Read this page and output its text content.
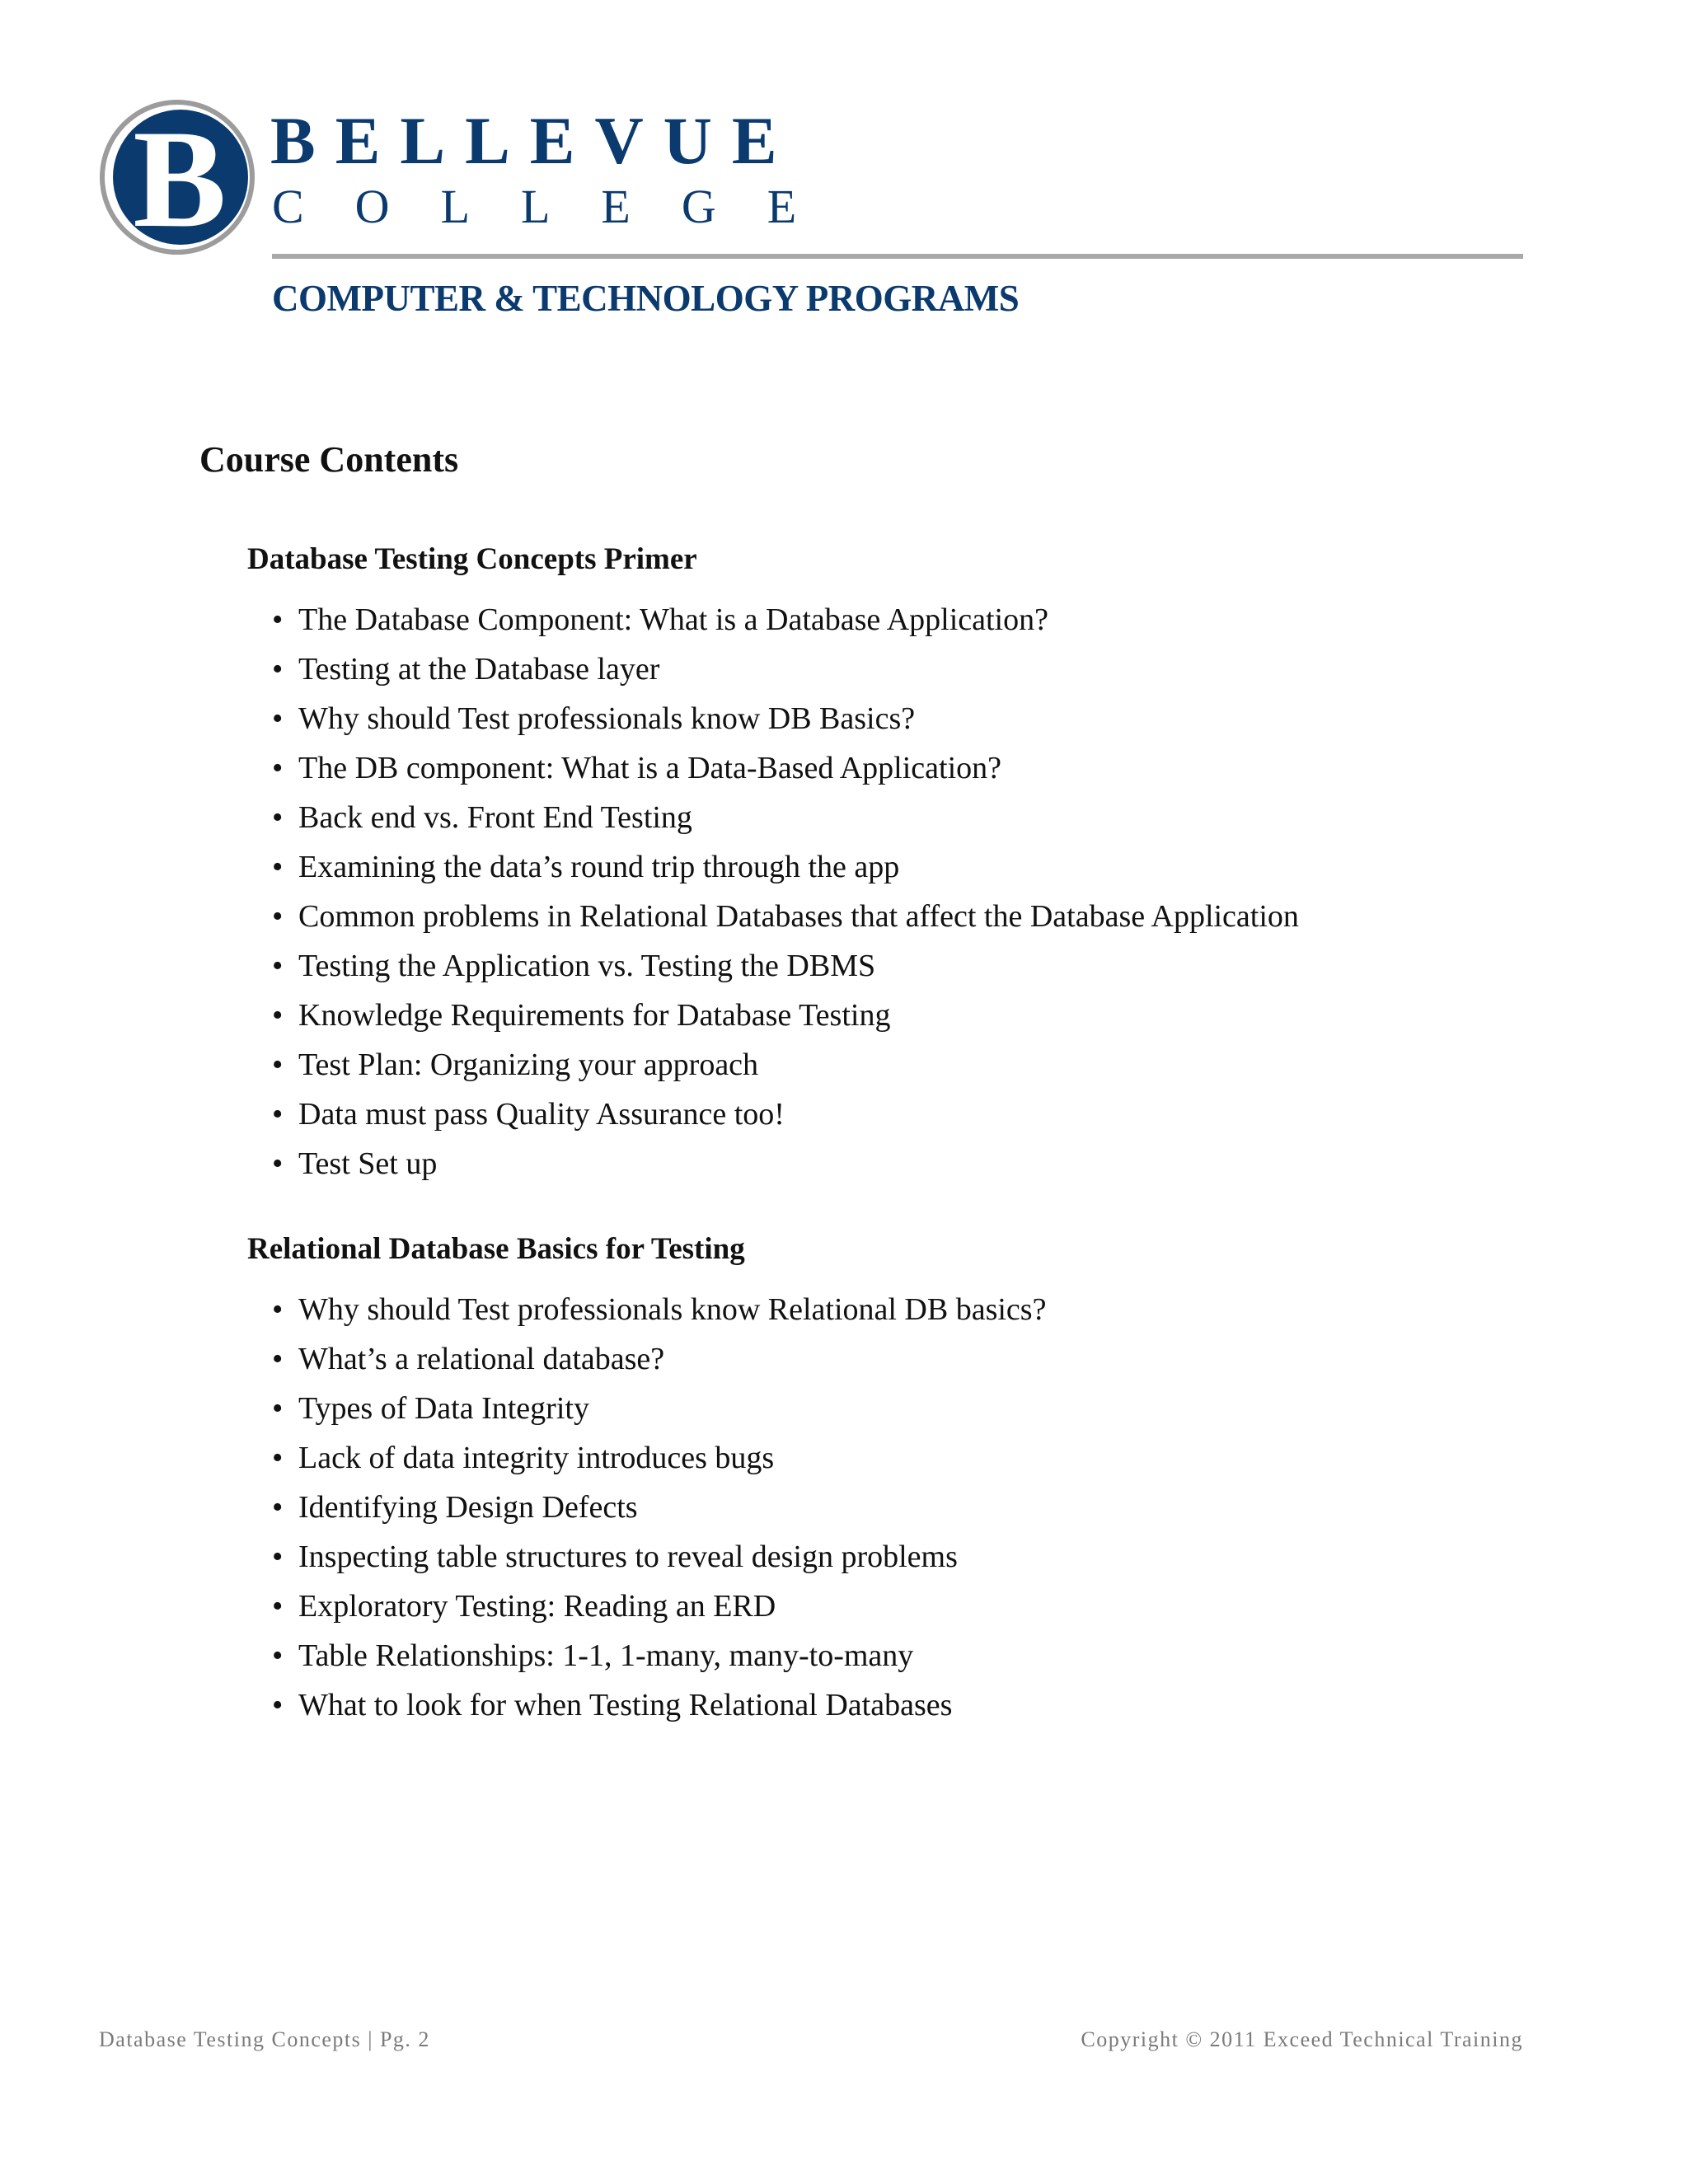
B BELLEVUE
COLLEGE
COMPUTER & TECHNOLOGY PROGRAMS
Course Contents
Database Testing Concepts Primer
• The Database Component: What is a Database Application?
• Testing at the Database layer
• Why should Test professionals know DB Basics?
• The DB component: What is a Data-Based Application?
• Back end vs. Front End Testing
• Examining the data’s round trip through the app
• Common problems in Relational Databases that affect the Database Application
• Testing the Application vs. Testing the DBMS
• Knowledge Requirements for Database Testing
• Test Plan: Organizing your approach
• Data must pass Quality Assurance too!
• Test Set up
Relational Database Basics for Testing
• Why should Test professionals know Relational DB basics?
• What’s a relational database?
• Types of Data Integrity
• Lack of data integrity introduces bugs
• Identifying Design Defects
• Inspecting table structures to reveal design problems
• Exploratory Testing: Reading an ERD
• Table Relationships: 1-1, 1-many, many-to-many
• What to look for when Testing Relational Databases
Database Testing Concepts | Pg. 2	Copyright © 2011 Exceed Technical Training
